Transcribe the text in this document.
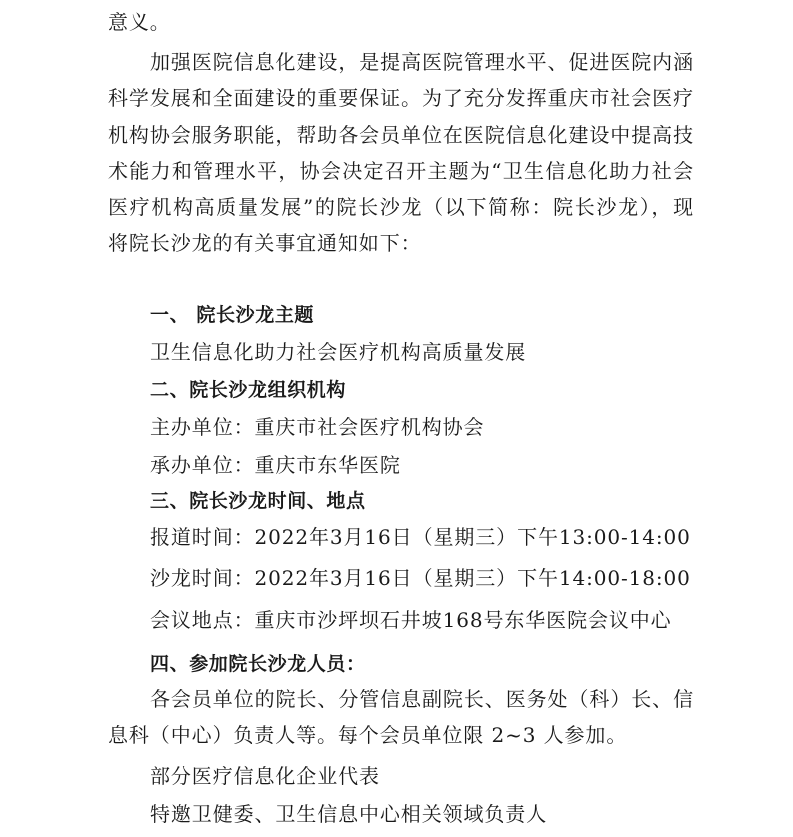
意义。

加强医院信息化建设，是提高医院管理水平、促进医院内涵科学发展和全面建设的重要保证。为了充分发挥重庆市社会医疗机构协会服务职能，帮助各会员单位在医院信息化建设中提高技术能力和管理水平，协会决定召开主题为“卫生信息化助力社会医疗机构高质量发展”的院长沙龙（以下简称：院长沙龙），现将院长沙龙的有关事宜通知如下：

一、 院长沙龙主题

卫生信息化助力社会医疗机构高质量发展

二、院长沙龙组织机构

主办单位：重庆市社会医疗机构协会

承办单位：重庆市东华医院

三、院长沙龙时间、地点

报道时间：2022年3月16日（星期三）下午13:00-14:00

沙龙时间：2022年3月16日（星期三）下午14:00-18:00

会议地点：重庆市沙坪坝石井坡168号东华医院会议中心

四、参加院长沙龙人员：

各会员单位的院长、分管信息副院长、医务处（科）长、信息科（中心）负责人等。每个会员单位限 2~3 人参加。

部分医疗信息化企业代表

特邀卫健委、卫生信息中心相关领域负责人
